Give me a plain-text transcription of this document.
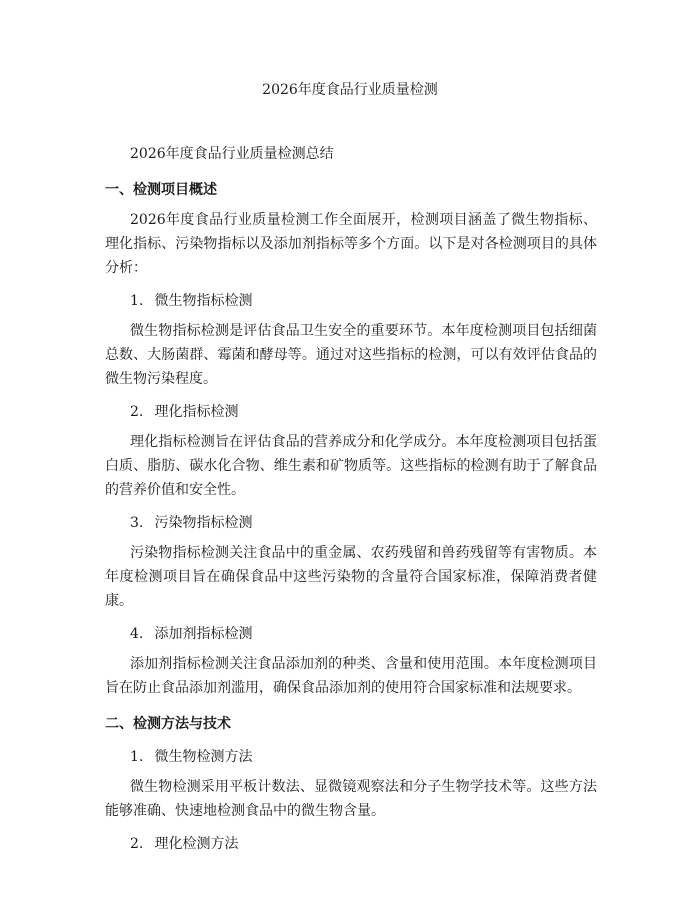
2026年度食品行业质量检测

2026年度食品行业质量检测总结

一、检测项目概述

2026年度食品行业质量检测工作全面展开，检测项目涵盖了微生物指标、理化指标、污染物指标以及添加剂指标等多个方面。以下是对各检测项目的具体分析：

1. 微生物指标检测

微生物指标检测是评估食品卫生安全的重要环节。本年度检测项目包括细菌总数、大肠菌群、霉菌和酵母等。通过对这些指标的检测，可以有效评估食品的微生物污染程度。

2. 理化指标检测

理化指标检测旨在评估食品的营养成分和化学成分。本年度检测项目包括蛋白质、脂肪、碳水化合物、维生素和矿物质等。这些指标的检测有助于了解食品的营养价值和安全性。

3. 污染物指标检测

污染物指标检测关注食品中的重金属、农药残留和兽药残留等有害物质。本年度检测项目旨在确保食品中这些污染物的含量符合国家标准，保障消费者健康。

4. 添加剂指标检测

添加剂指标检测关注食品添加剂的种类、含量和使用范围。本年度检测项目旨在防止食品添加剂滥用，确保食品添加剂的使用符合国家标准和法规要求。

二、检测方法与技术

1. 微生物检测方法

微生物检测采用平板计数法、显微镜观察法和分子生物学技术等。这些方法能够准确、快速地检测食品中的微生物含量。

2. 理化检测方法
